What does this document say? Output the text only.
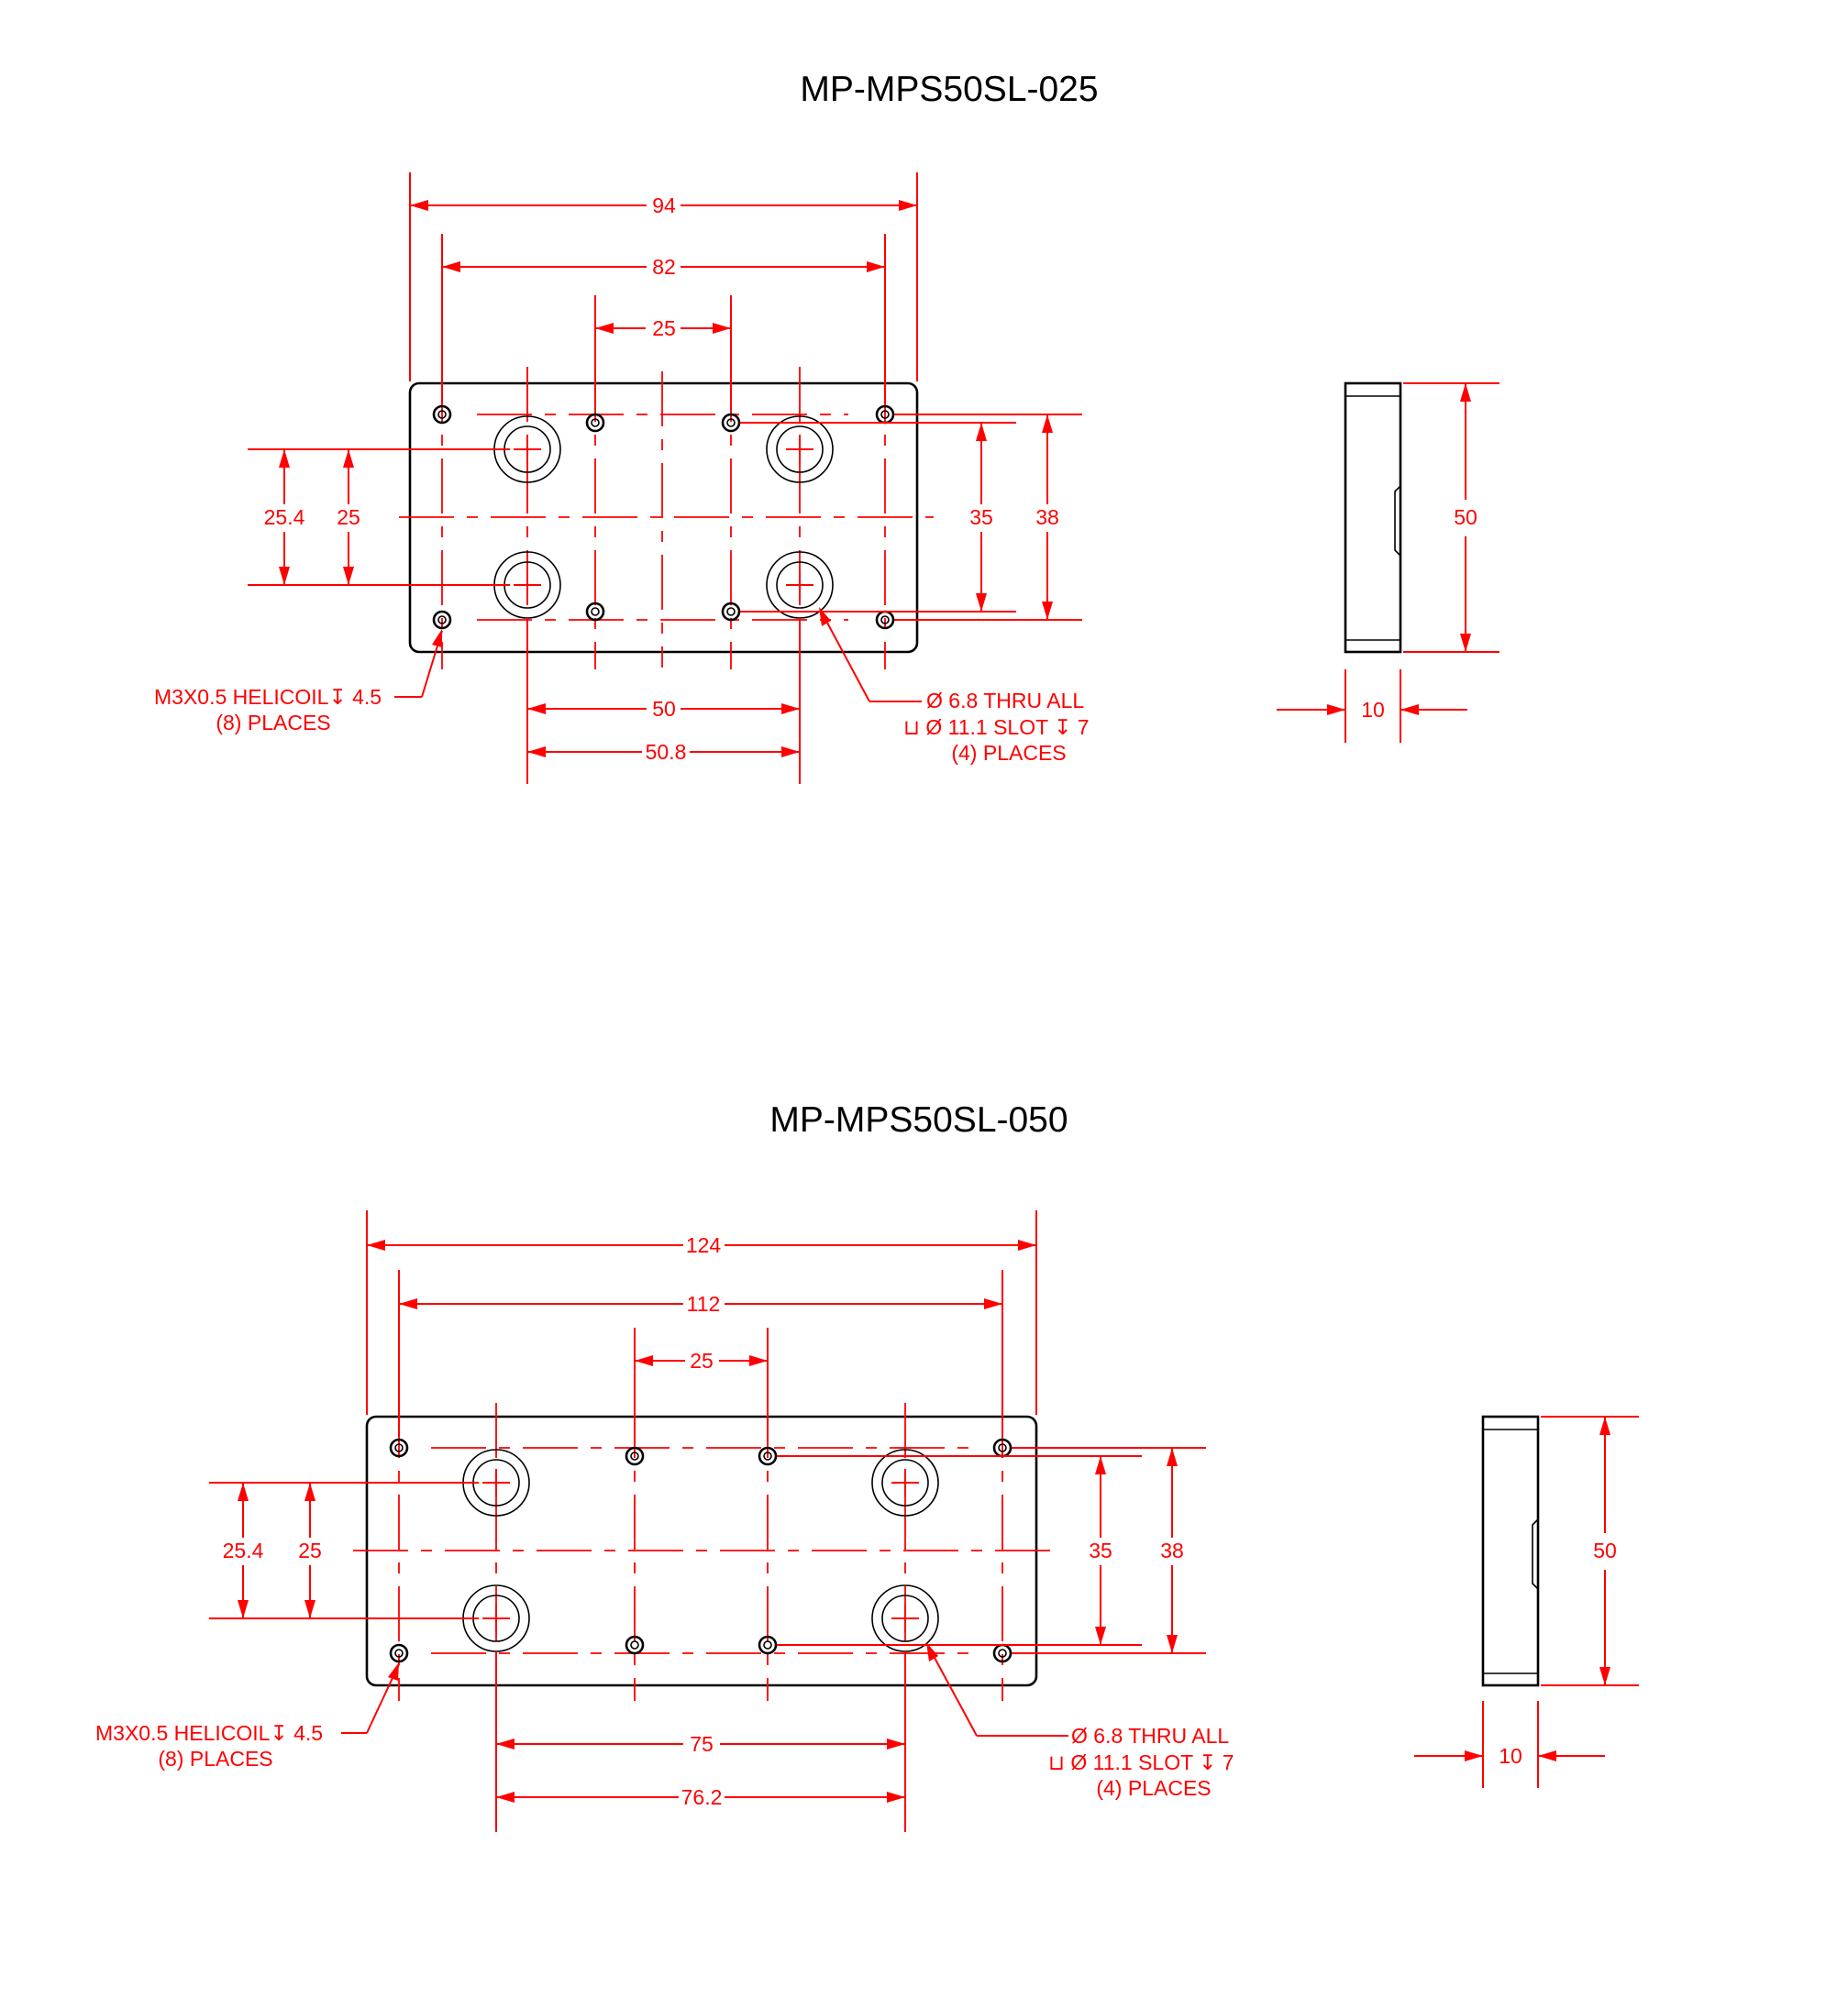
MP-MPS50SL-025
94
82
25
25.4 25	35 38
50
50.8
M3X0.5 HELICOIL↧ 4.5
(8) PLACES
Ø 6.8 THRU ALL
⊔ Ø 11.1 SLOT ↧ 7
(4) PLACES
50
10
MP-MPS50SL-050
124
112
25
25.4 25	35 38
75
76.2
M3X0.5 HELICOIL↧ 4.5
(8) PLACES
Ø 6.8 THRU ALL
⊔ Ø 11.1 SLOT ↧ 7
(4) PLACES
50
10
